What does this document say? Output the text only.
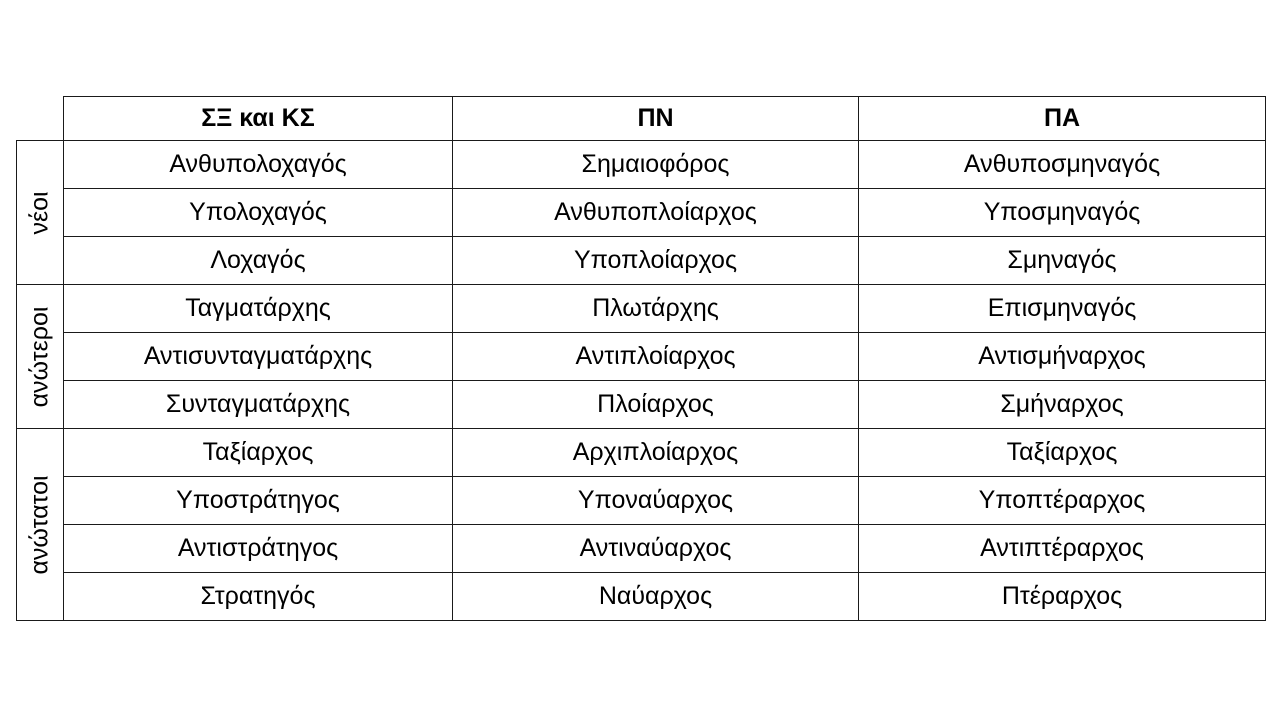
	ΣΞ και ΚΣ	ΠΝ	ΠΑ

νέοι	Ανθυπολοχαγός	Σημαιοφόρος	Ανθυποσμηναγός
	Υπολοχαγός	Ανθυποπλοίαρχος	Υποσμηναγός
	Λοχαγός	Υποπλοίαρχος	Σμηναγός

ανώτεροι	Ταγματάρχης	Πλωτάρχης	Επισμηναγός
	Αντισυνταγματάρχης	Αντιπλοίαρχος	Αντισμήναρχος
	Συνταγματάρχης	Πλοίαρχος	Σμήναρχος

ανώτατοι	Ταξίαρχος	Αρχιπλοίαρχος	Ταξίαρχος
	Υποστράτηγος	Υποναύαρχος	Υποπτέραρχος
	Αντιστράτηγος	Αντιναύαρχος	Αντιπτέραρχος
	Στρατηγός	Ναύαρχος	Πτέραρχος
